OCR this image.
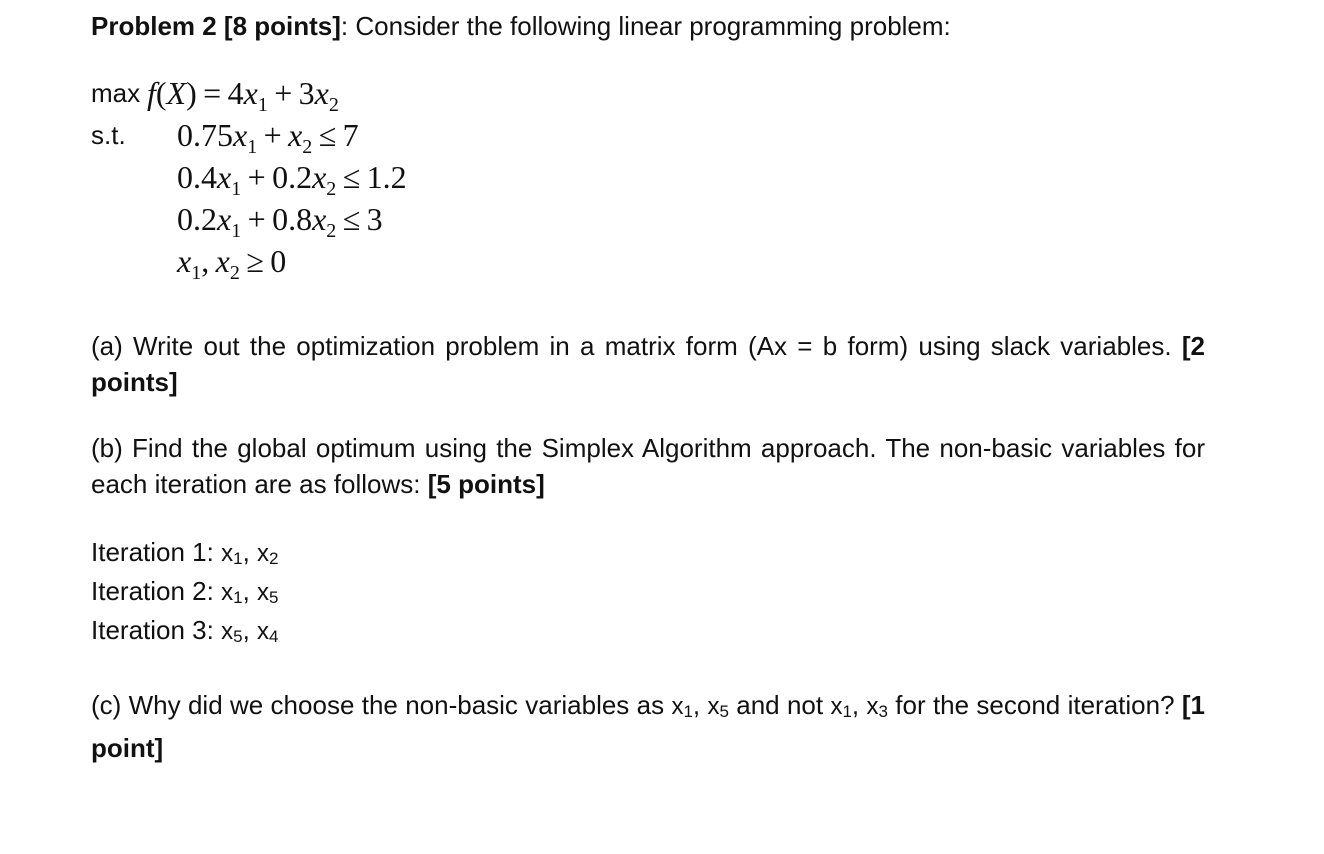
Problem 2 [8 points]: Consider the following linear programming problem:

$\max f(X) = 4x_1 + 3x_2$
s.t. $0.75x_1 + x_2 \le 7$
$0.4x_1 + 0.2x_2 \le 1.2$
$0.2x_1 + 0.8x_2 \le 3$
$x_1$, $x_2 \ge 0$

(a) Write out the optimization problem in a matrix form (Ax = b form) using slack variables. [2 points]

(b) Find the global optimum using the Simplex Algorithm approach. The non-basic variables for each iteration are as follows: [5 points]

Iteration 1: x1, x2

Iteration 2: x1, x5

Iteration 3: x5, x4

(c) Why did we choose the non-basic variables as x1, x5 and not x1, x3 for the second iteration? [1 point]
